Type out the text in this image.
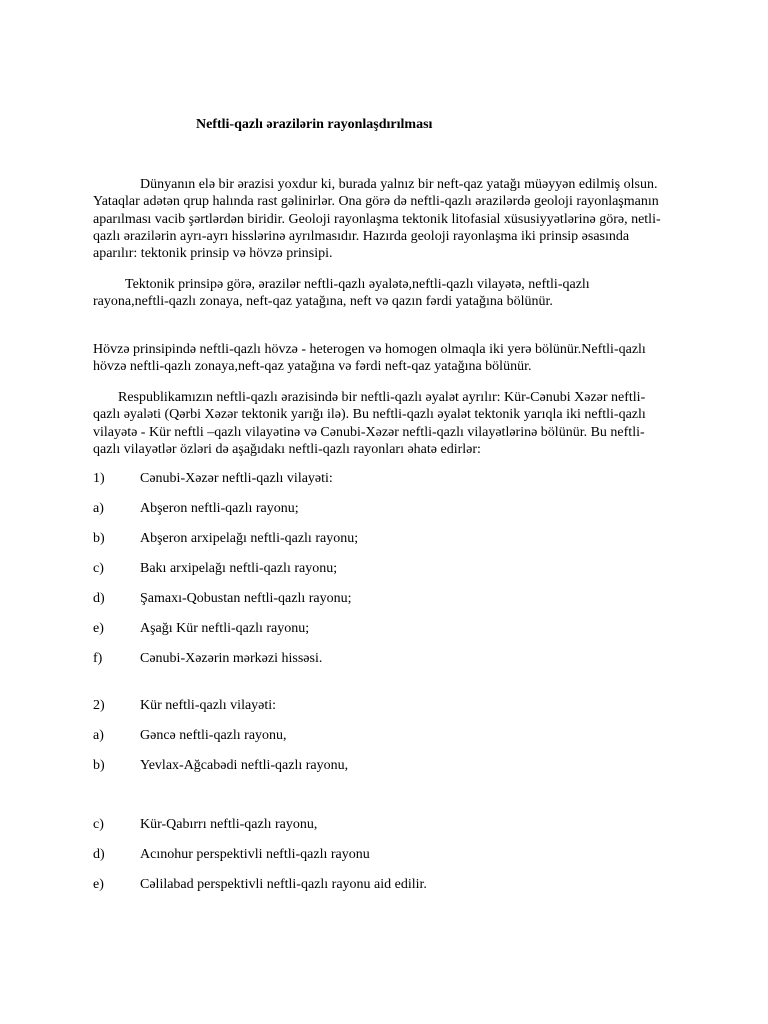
Neftli-qazlı ərazilərin rayonlaşdırılması

Dünyanın elə bir ərazisi yoxdur ki, burada yalnız bir neft-qaz yatağı müəyyən edilmiş olsun.
Yataqlar adətən qrup halında rast gəlinirlər. Ona görə də neftli-qazlı ərazilərdə geoloji rayonlaşmanın
aparılması vacib şərtlərdən biridir. Geoloji rayonlaşma tektonik litofasial xüsusiyyətlərinə görə, netli-
qazlı ərazilərin ayrı-ayrı hisslərinə ayrılmasıdır. Hazırda geoloji rayonlaşma iki prinsip əsasında
aparılır: tektonik prinsip və hövzə prinsipi.

Tektonik prinsipə görə, ərazilər neftli-qazlı əyalətə,neftli-qazlı vilayətə, neftli-qazlı
rayona,neftli-qazlı zonaya, neft-qaz yatağına, neft və qazın fərdi yatağına bölünür.

Hövzə prinsipində neftli-qazlı hövzə - heterogen və homogen olmaqla iki yerə bölünür.Neftli-qazlı
hövzə neftli-qazlı zonaya,neft-qaz yatağına və fərdi neft-qaz yatağına bölünür.

Respublikamızın neftli-qazlı ərazisində bir neftli-qazlı əyalət ayrılır: Kür-Cənubi Xəzər neftli-
qazlı əyaləti (Qərbi Xəzər tektonik yarığı ilə). Bu neftli-qazlı əyalət tektonik yarıqla iki neftli-qazlı
vilayətə - Kür neftli –qazlı vilayətinə və Cənubi-Xəzər neftli-qazlı vilayətlərinə bölünür. Bu neftli-
qazlı vilayətlər özləri də aşağıdakı neftli-qazlı rayonları əhatə edirlər:

1)	Cənubi-Xəzər neftli-qazlı vilayəti:
a)	Abşeron neftli-qazlı rayonu;
b)	Abşeron arxipelağı neftli-qazlı rayonu;
c)	Bakı arxipelağı neftli-qazlı rayonu;
d)	Şamaxı-Qobustan neftli-qazlı rayonu;
e)	Aşağı Kür neftli-qazlı rayonu;
f)	Cənubi-Xəzərin mərkəzi hissəsi.
2)	Kür neftli-qazlı vilayəti:
a)	Gəncə neftli-qazlı rayonu,
b)	Yevlax-Ağcabədi neftli-qazlı rayonu,
c)	Kür-Qabırrı neftli-qazlı rayonu,
d)	Acınohur perspektivli neftli-qazlı rayonu
e)	Cəlilabad perspektivli neftli-qazlı rayonu aid edilir.
